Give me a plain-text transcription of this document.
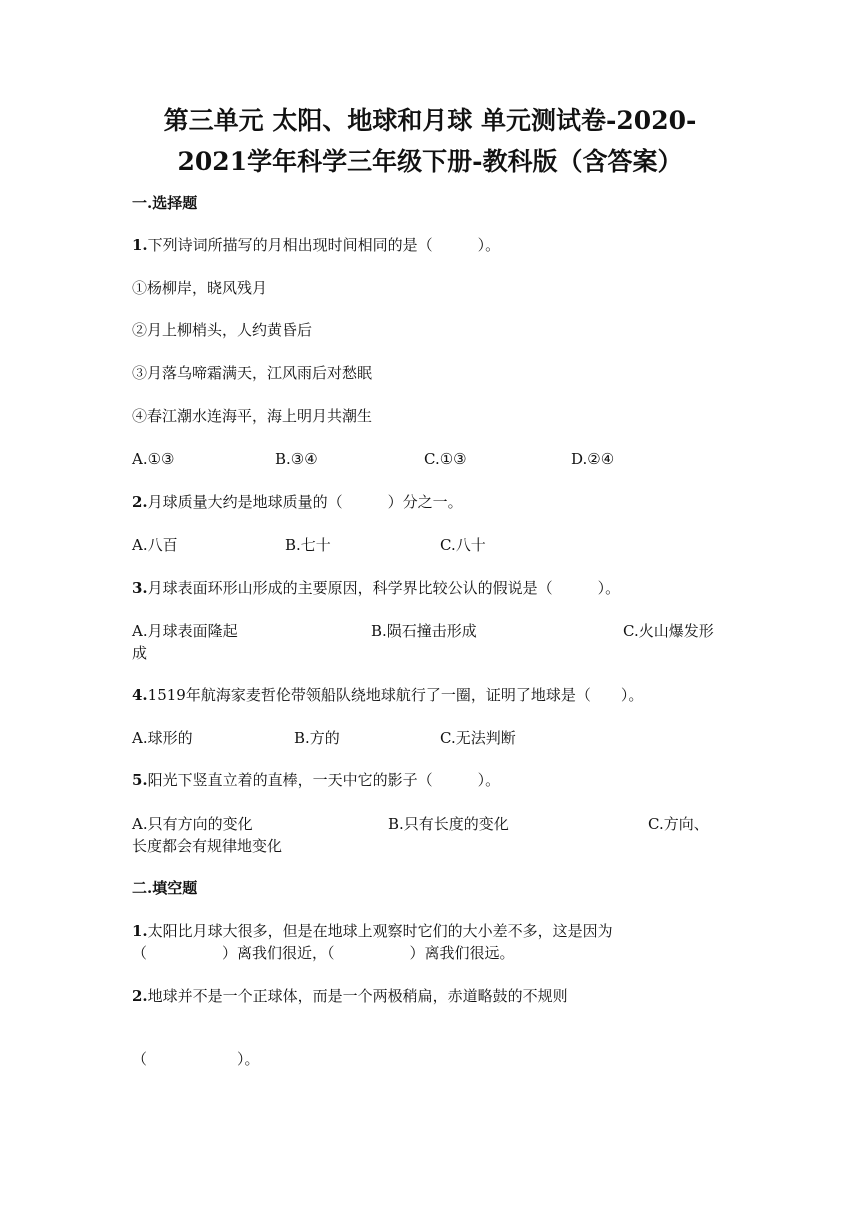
第三单元 太阳、地球和月球 单元测试卷-2020-
2021学年科学三年级下册-教科版（含答案）
一.选择题
1.下列诗词所描写的月相出现时间相同的是（　　　）。
①杨柳岸，晓风残月
②月上柳梢头，人约黄昏后
③月落乌啼霜满天，江风雨后对愁眠
④春江潮水连海平，海上明月共潮生
A.①③	B.③④	C.①③	D.②④
2.月球质量大约是地球质量的（　　　）分之一。
A.八百	B.七十	C.八十
3.月球表面环形山形成的主要原因，科学界比较公认的假说是（　　　）。
A.月球表面隆起	B.陨石撞击形成	C.火山爆发形
成
4.1519年航海家麦哲伦带领船队绕地球航行了一圈，证明了地球是（　　）。
A.球形的	B.方的	C.无法判断
5.阳光下竖直立着的直棒，一天中它的影子（　　　）。
A.只有方向的变化	B.只有长度的变化	C.方向、
长度都会有规律地变化
二.填空题
1.太阳比月球大很多，但是在地球上观察时它们的大小差不多，这是因为
（　　　　　）离我们很近，（　　　　　）离我们很远。
2.地球并不是一个正球体，而是一个两极稍扁，赤道略鼓的不规则
（　　　　　　）。
